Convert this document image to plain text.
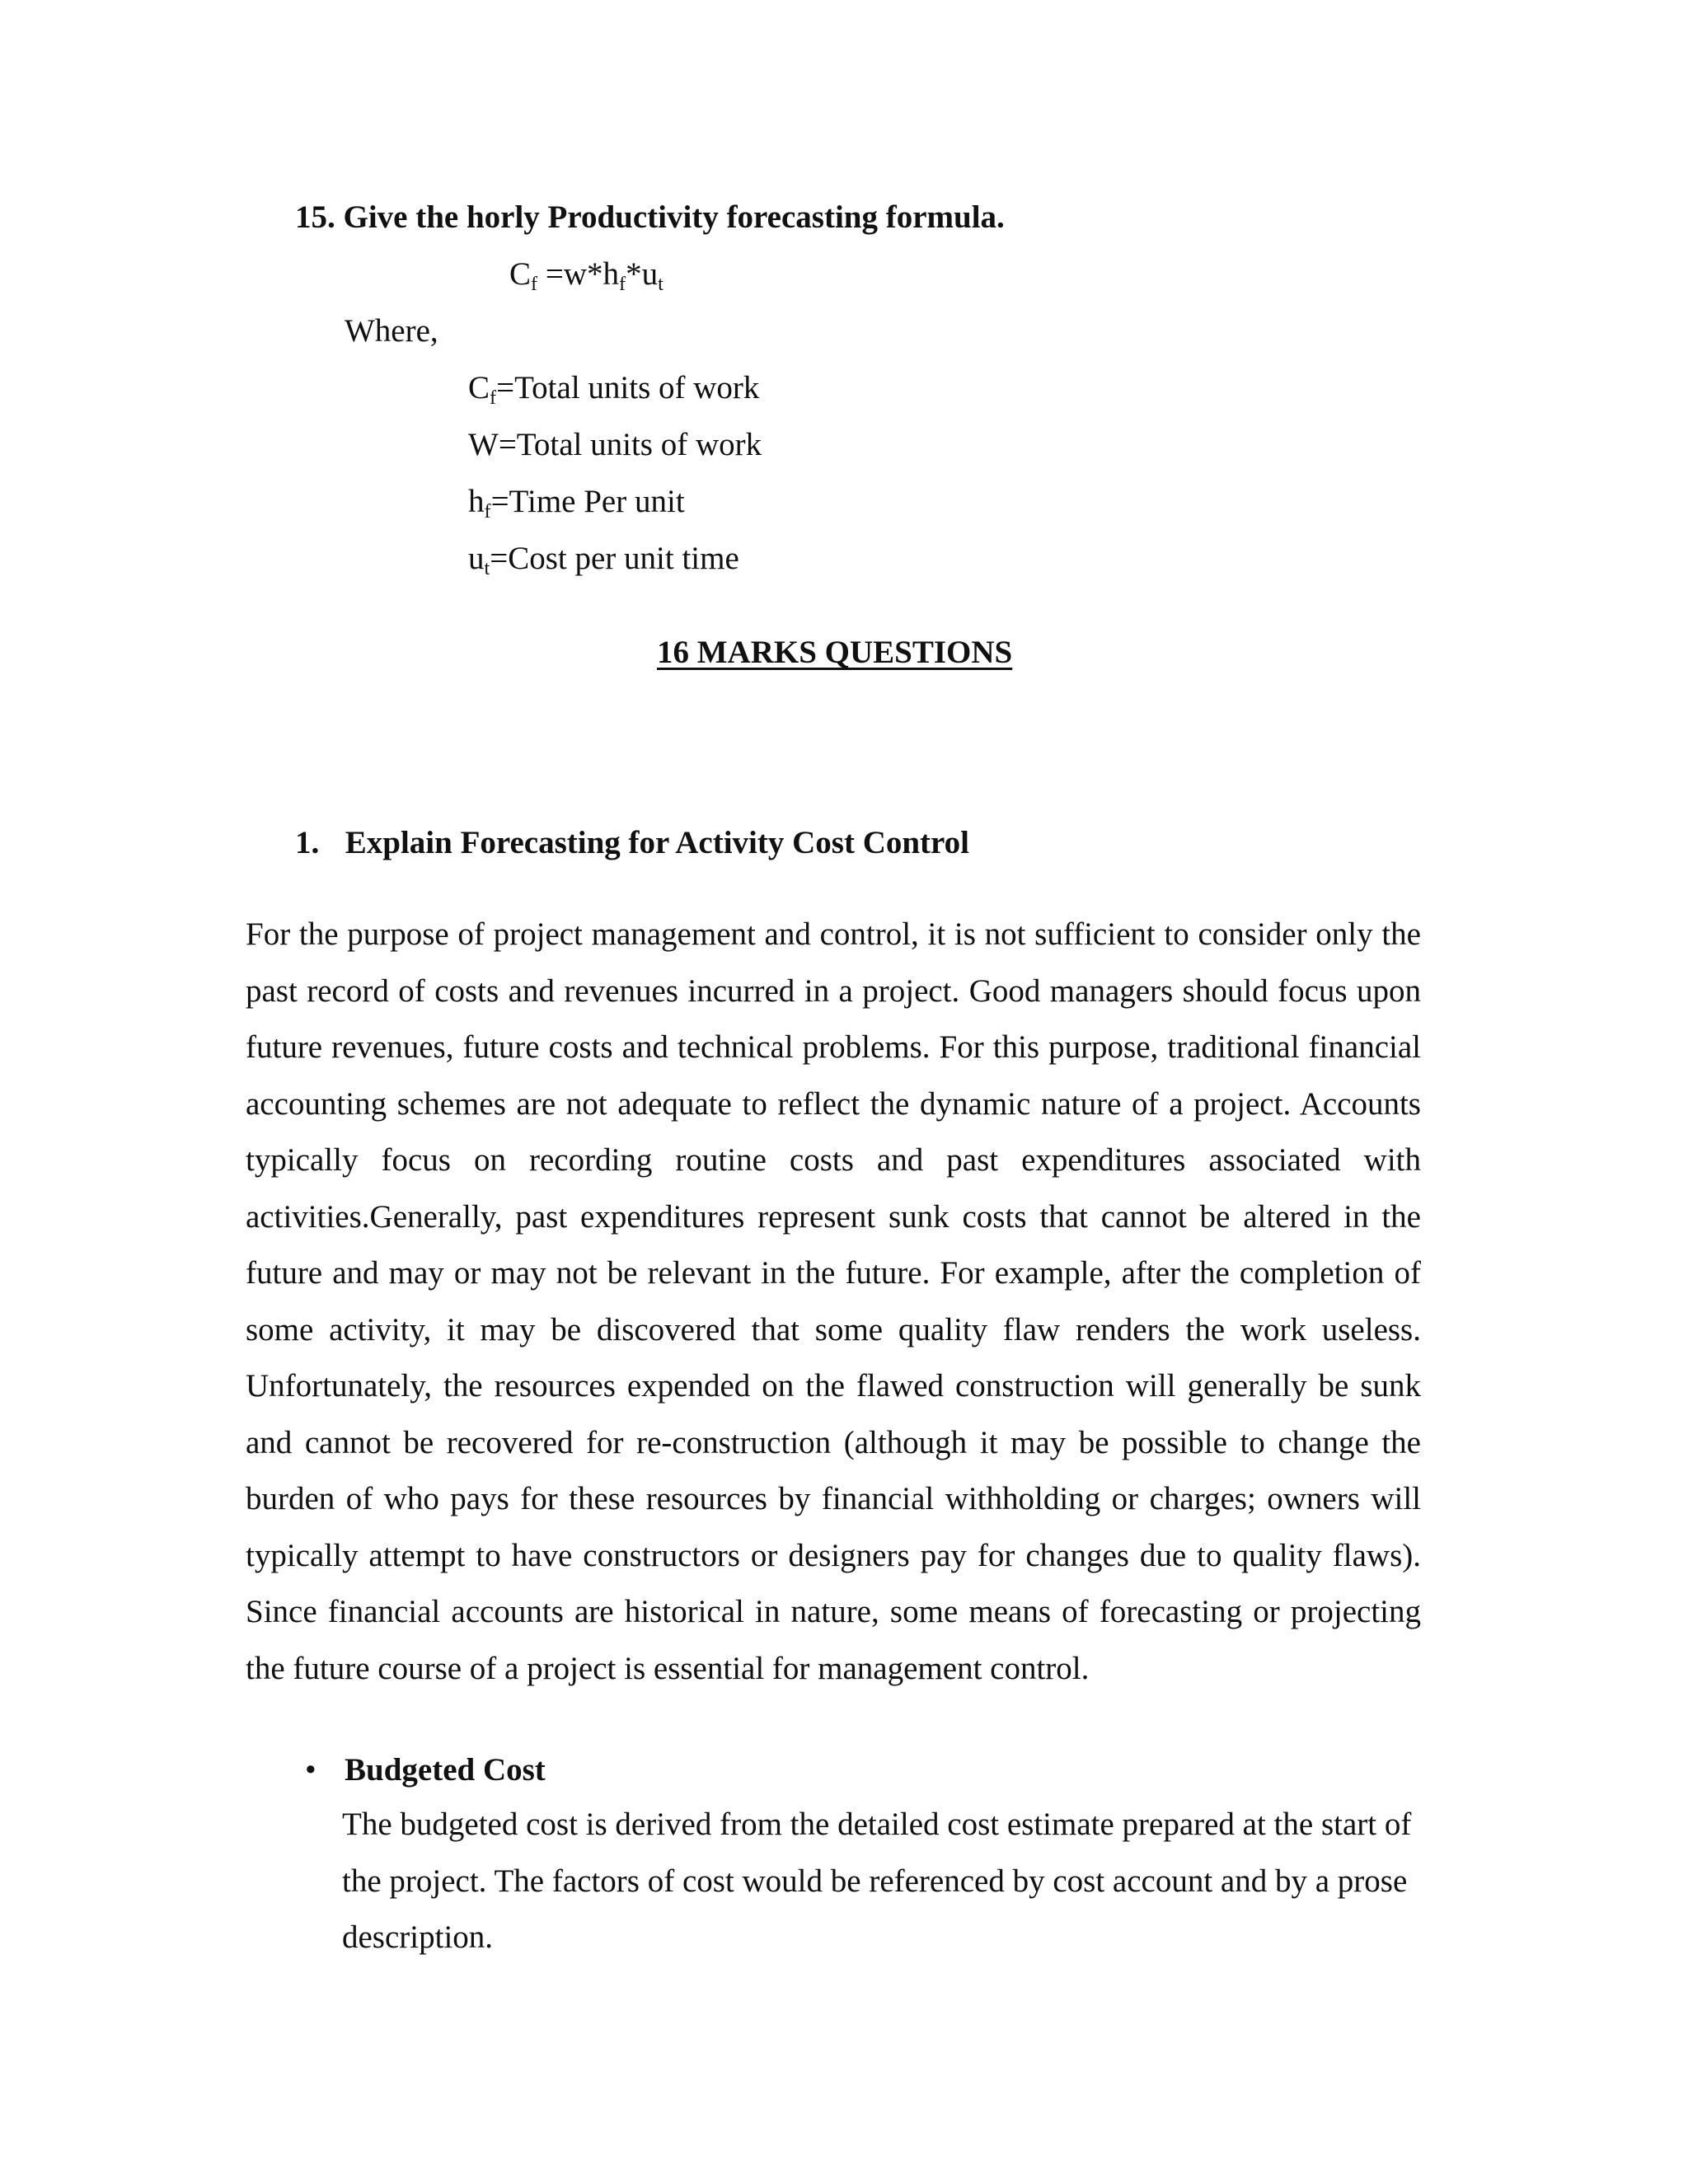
15. Give the horly Productivity forecasting formula.
$C_f =w*h_f*u_t$
Where,
$C_f=Total$ units of work
W=Total units of work
$h_f=Time$ Per unit
$u_t=Cost$ per unit time
16 MARKS QUESTIONS
1. Explain Forecasting for Activity Cost Control
For the purpose of project management and control, it is not sufficient to consider only the past record of costs and revenues incurred in a project. Good managers should focus upon future revenues, future costs and technical problems. For this purpose, traditional financial accounting schemes are not adequate to reflect the dynamic nature of a project. Accounts typically focus on recording routine costs and past expenditures associated with activities.Generally, past expenditures represent sunk costs that cannot be altered in the future and may or may not be relevant in the future. For example, after the completion of some activity, it may be discovered that some quality flaw renders the work useless. Unfortunately, the resources expended on the flawed construction will generally be sunk and cannot be recovered for re-construction (although it may be possible to change the burden of who pays for these resources by financial withholding or charges; owners will typically attempt to have constructors or designers pay for changes due to quality flaws). Since financial accounts are historical in nature, some means of forecasting or projecting the future course of a project is essential for management control.
• Budgeted Cost
The budgeted cost is derived from the detailed cost estimate prepared at the start of the project. The factors of cost would be referenced by cost account and by a prose description.
